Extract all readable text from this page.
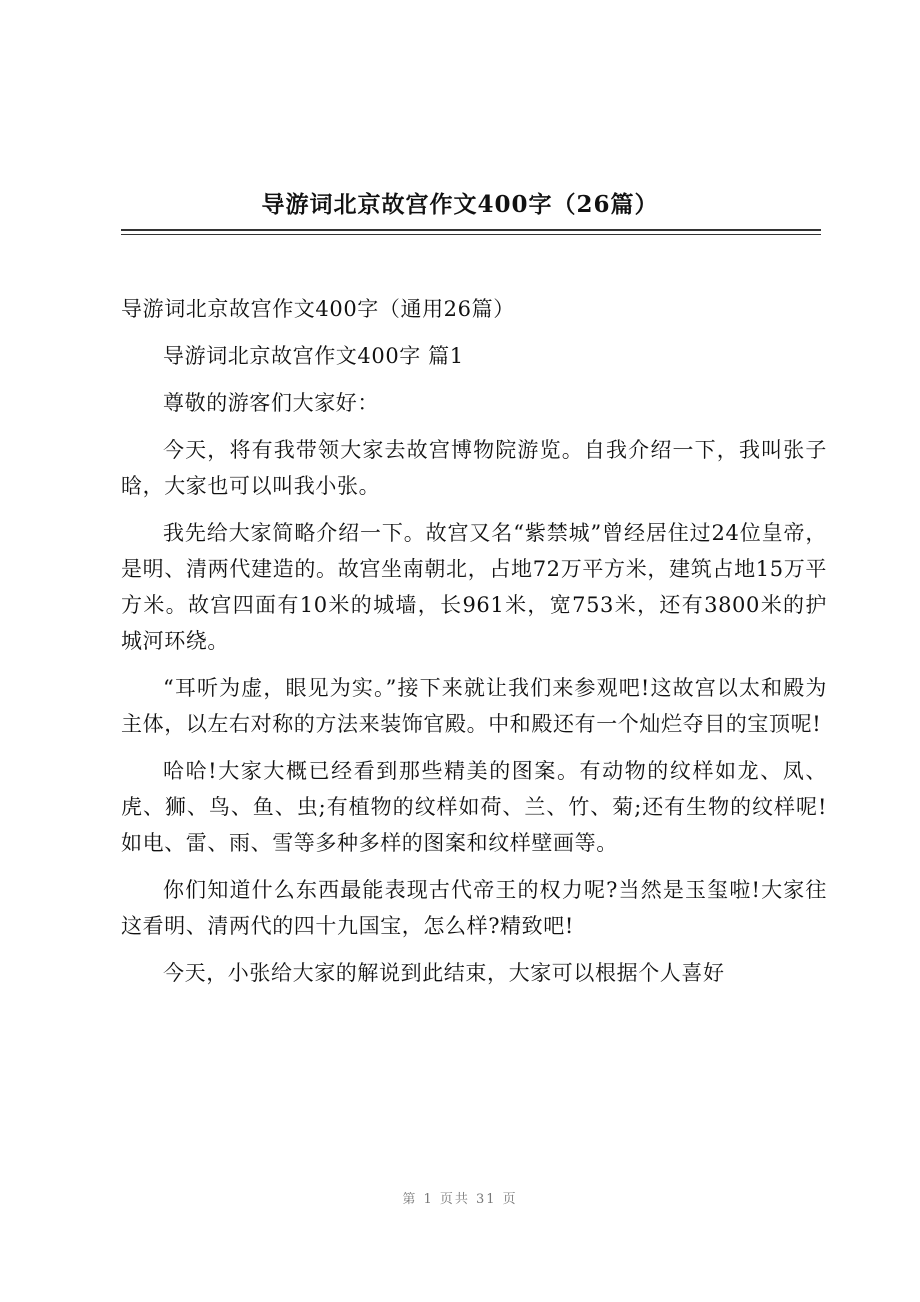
导游词北京故宫作文400字（26篇）

导游词北京故宫作文400字（通用26篇）

导游词北京故宫作文400字 篇1

尊敬的游客们大家好：

今天，将有我带领大家去故宫博物院游览。自我介绍一下，我叫张子晗，大家也可以叫我小张。

我先给大家简略介绍一下。故宫又名“紫禁城”曾经居住过24位皇帝，是明、清两代建造的。故宫坐南朝北，占地72万平方米，建筑占地15万平方米。故宫四面有10米的城墙，长961米，宽753米，还有3800米的护城河环绕。

“耳听为虚，眼见为实。”接下来就让我们来参观吧!这故宫以太和殿为主体，以左右对称的方法来装饰官殿。中和殿还有一个灿烂夺目的宝顶呢!

哈哈!大家大概已经看到那些精美的图案。有动物的纹样如龙、凤、虎、狮、鸟、鱼、虫;有植物的纹样如荷、兰、竹、菊;还有生物的纹样呢!如电、雷、雨、雪等多种多样的图案和纹样壁画等。

你们知道什么东西最能表现古代帝王的权力呢?当然是玉玺啦!大家往这看明、清两代的四十九国宝，怎么样?精致吧!

今天，小张给大家的解说到此结束，大家可以根据个人喜好

第 1 页共 31 页
